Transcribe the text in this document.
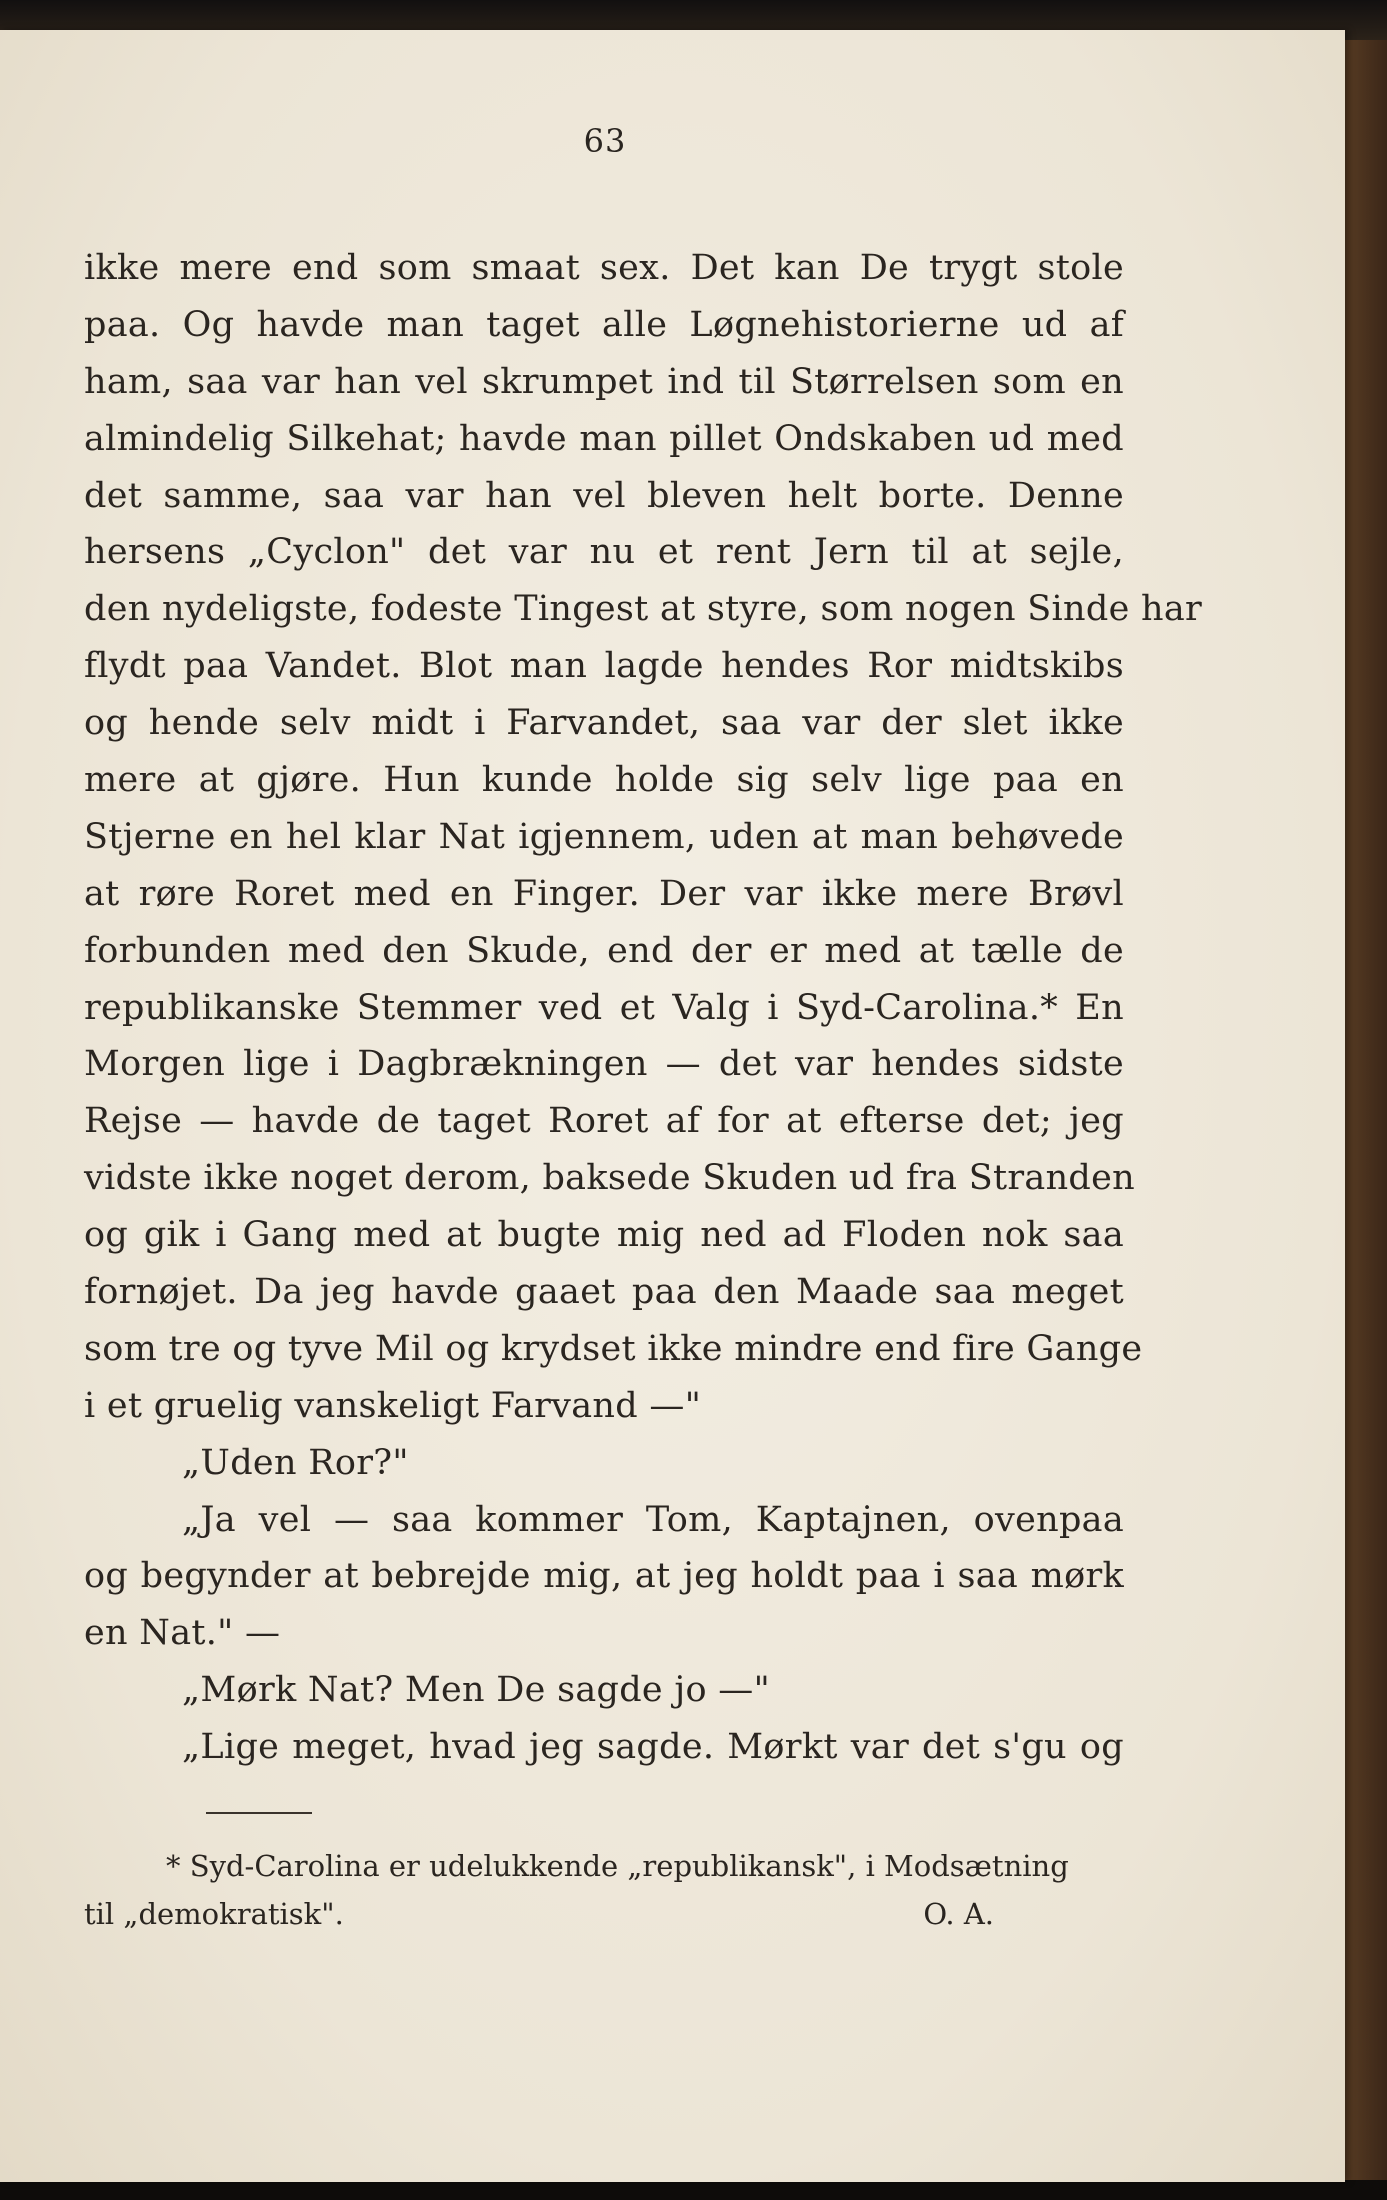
63
ikke mere end som smaat sex. Det kan De trygt stole
paa. Og havde man taget alle Løgnehistorierne ud af
ham, saa var han vel skrumpet ind til Størrelsen som en
almindelig Silkehat; havde man pillet Ondskaben ud med
det samme, saa var han vel bleven helt borte. Denne
hersens „Cyclon" det var nu et rent Jern til at sejle,
den nydeligste, fodeste Tingest at styre, som nogen Sinde har
flydt paa Vandet. Blot man lagde hendes Ror midtskibs
og hende selv midt i Farvandet, saa var der slet ikke
mere at gjøre. Hun kunde holde sig selv lige paa en
Stjerne en hel klar Nat igjennem, uden at man behøvede
at røre Roret med en Finger. Der var ikke mere Brøvl
forbunden med den Skude, end der er med at tælle de
republikanske Stemmer ved et Valg i Syd-Carolina.* En
Morgen lige i Dagbrækningen — det var hendes sidste
Rejse — havde de taget Roret af for at efterse det; jeg
vidste ikke noget derom, baksede Skuden ud fra Stranden
og gik i Gang med at bugte mig ned ad Floden nok saa
fornøjet. Da jeg havde gaaet paa den Maade saa meget
som tre og tyve Mil og krydset ikke mindre end fire Gange
i et gruelig vanskeligt Farvand —"
„Uden Ror?"
„Ja vel — saa kommer Tom, Kaptajnen, ovenpaa
og begynder at bebrejde mig, at jeg holdt paa i saa mørk
en Nat." —
„Mørk Nat? Men De sagde jo —"
„Lige meget, hvad jeg sagde. Mørkt var det s'gu og
* Syd-Carolina er udelukkende „republikansk", i Modsætning
til „demokratisk".	O. A.
